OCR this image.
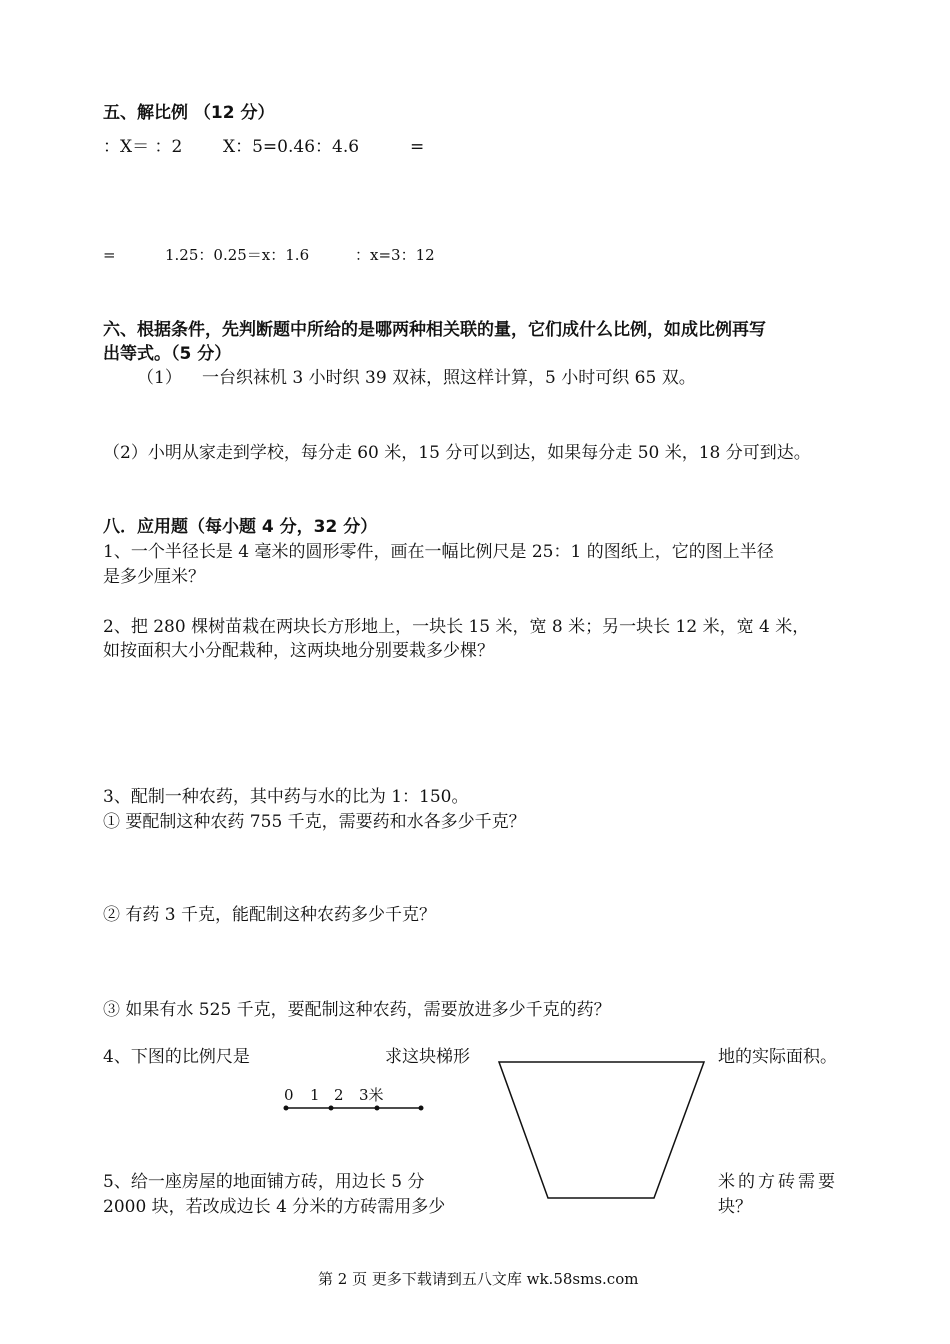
五、解比例 （12 分）
：X＝ ：2 X：5=0.46：4.6	=
=	1.25：0.25＝x：1.6	：x=3：12
六、根据条件，先判断题中所给的是哪两种相关联的量，它们成什么比例，如成比例再写
出等式。（5 分）
（1） 一台织袜机 3 小时织 39 双袜，照这样计算，5 小时可织 65 双。
（2）小明从家走到学校，每分走 60 米，15 分可以到达，如果每分走 50 米，18 分可到达。
八．应用题（每小题 4 分，32 分）
1、一个半径长是 4 毫米的圆形零件，画在一幅比例尺是 25：1 的图纸上，它的图上半径
是多少厘米？
2、把 280 棵树苗栽在两块长方形地上，一块长 15 米，宽 8 米；另一块长 12 米，宽 4 米，
如按面积大小分配栽种，这两块地分别要栽多少棵？
3、配制一种农药，其中药与水的比为 1：150。
① 要配制这种农药 755 千克，需要药和水各多少千克？
② 有药 3 千克，能配制这种农药多少千克？
③ 如果有水 525 千克，要配制这种农药，需要放进多少千克的药？
4、下图的比例尺是	求这块梯形	地的实际面积。
0 1 2 3米
5、给一座房屋的地面铺方砖，用边长 5 分	米的方砖需要
2000 块，若改成边长 4 分米的方砖需用多少	块？
第 2 页 更多下载请到五八文库 wk.58sms.com
